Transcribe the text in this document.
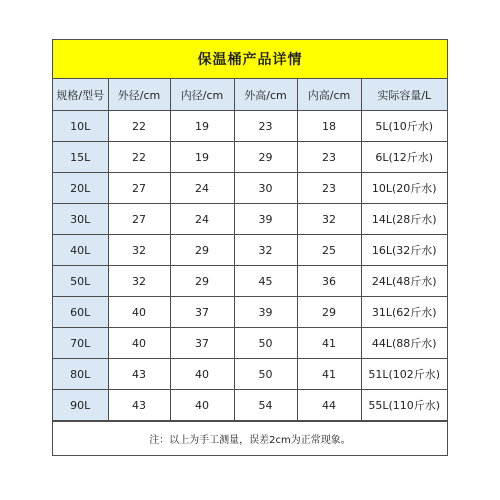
保温桶产品详情
规格/型号	外径/cm	内径/cm	外高/cm	内高/cm	实际容量/L
10L	22	19	23	18	5L(10斤水)
15L	22	19	29	23	6L(12斤水)
20L	27	24	30	23	10L(20斤水)
30L	27	24	39	32	14L(28斤水)
40L	32	29	32	25	16L(32斤水)
50L	32	29	45	36	24L(48斤水)
60L	40	37	39	29	31L(62斤水)
70L	40	37	50	41	44L(88斤水)
80L	43	40	50	41	51L(102斤水)
90L	43	40	54	44	55L(110斤水)
注：以上为手工测量，误差2cm为正常现象。
